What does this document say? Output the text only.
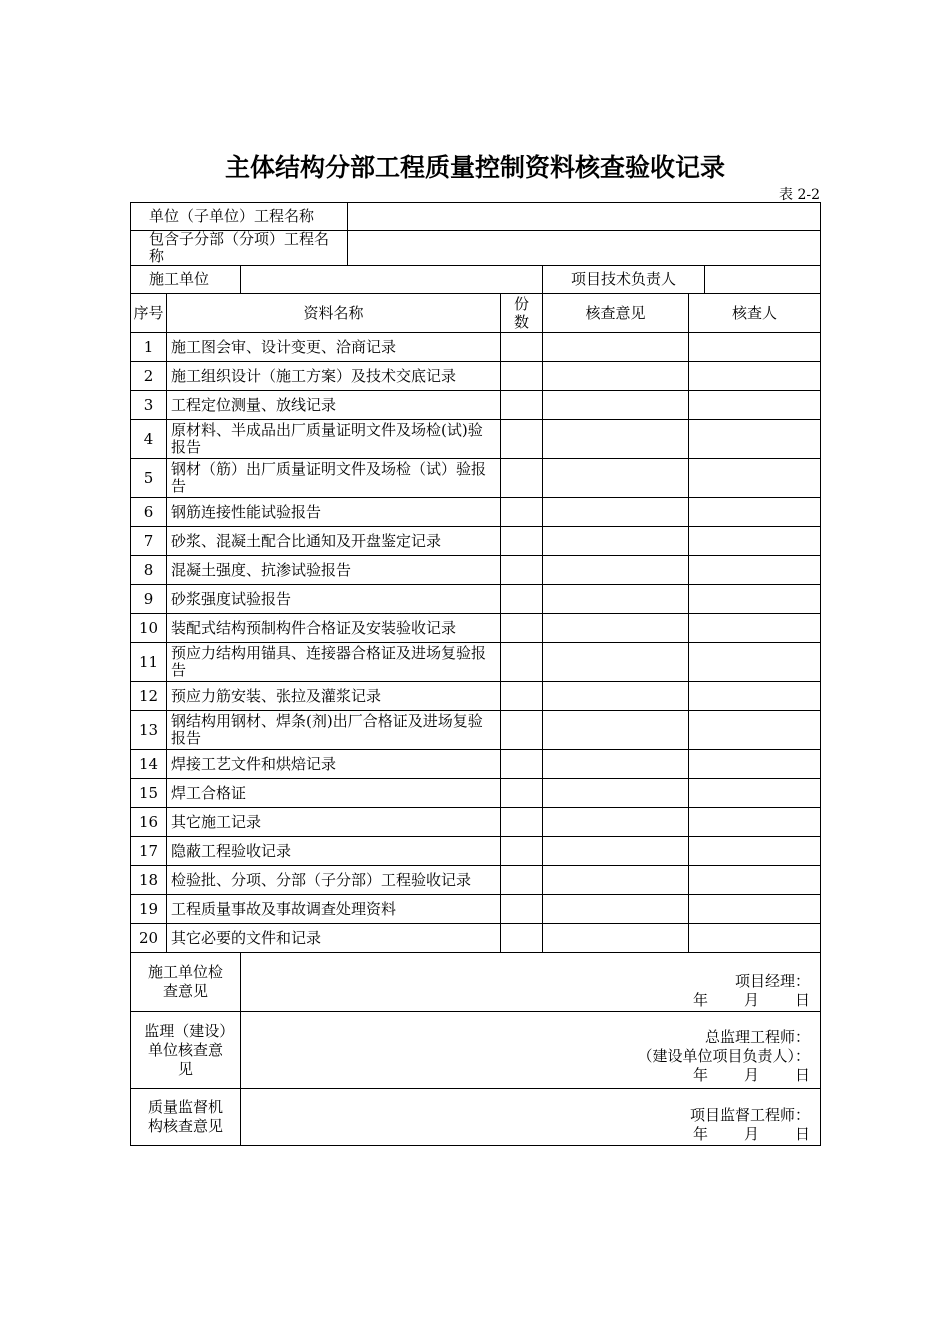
主体结构分部工程质量控制资料核查验收记录
表 2-2
单位（子单位）工程名称							
包含子分部（分项）工程名称							
施工单位					项目技术负责人		
序号	资料名称			份数	核查意见	核查人	
1	施工图会审、设计变更、洽商记录						
2	施工组织设计（施工方案）及技术交底记录						
3	工程定位测量、放线记录						
4	原材料、半成品出厂质量证明文件及场检(试)验报告						
5	钢材（筋）出厂质量证明文件及场检（试）验报告						
6	钢筋连接性能试验报告						
7	砂浆、混凝土配合比通知及开盘鉴定记录						
8	混凝土强度、抗渗试验报告						
9	砂浆强度试验报告						
10	装配式结构预制构件合格证及安装验收记录						
11	预应力结构用锚具、连接器合格证及进场复验报告						
12	预应力筋安装、张拉及灌浆记录						
13	钢结构用钢材、焊条(剂)出厂合格证及进场复验报告						
14	焊接工艺文件和烘焙记录						
15	焊工合格证						
16	其它施工记录						
17	隐蔽工程验收记录						
18	检验批、分项、分部（子分部）工程验收记录						
19	工程质量事故及事故调查处理资料						
20	其它必要的文件和记录						
施工单位检查意见		项目经理：
年 月 日					

监理（建设）单位核查意见		总监理工程师：
（建设单位项目负责人）：
年 月 日					

质量监督机构核查意见		项目监督工程师：
年 月 日					
